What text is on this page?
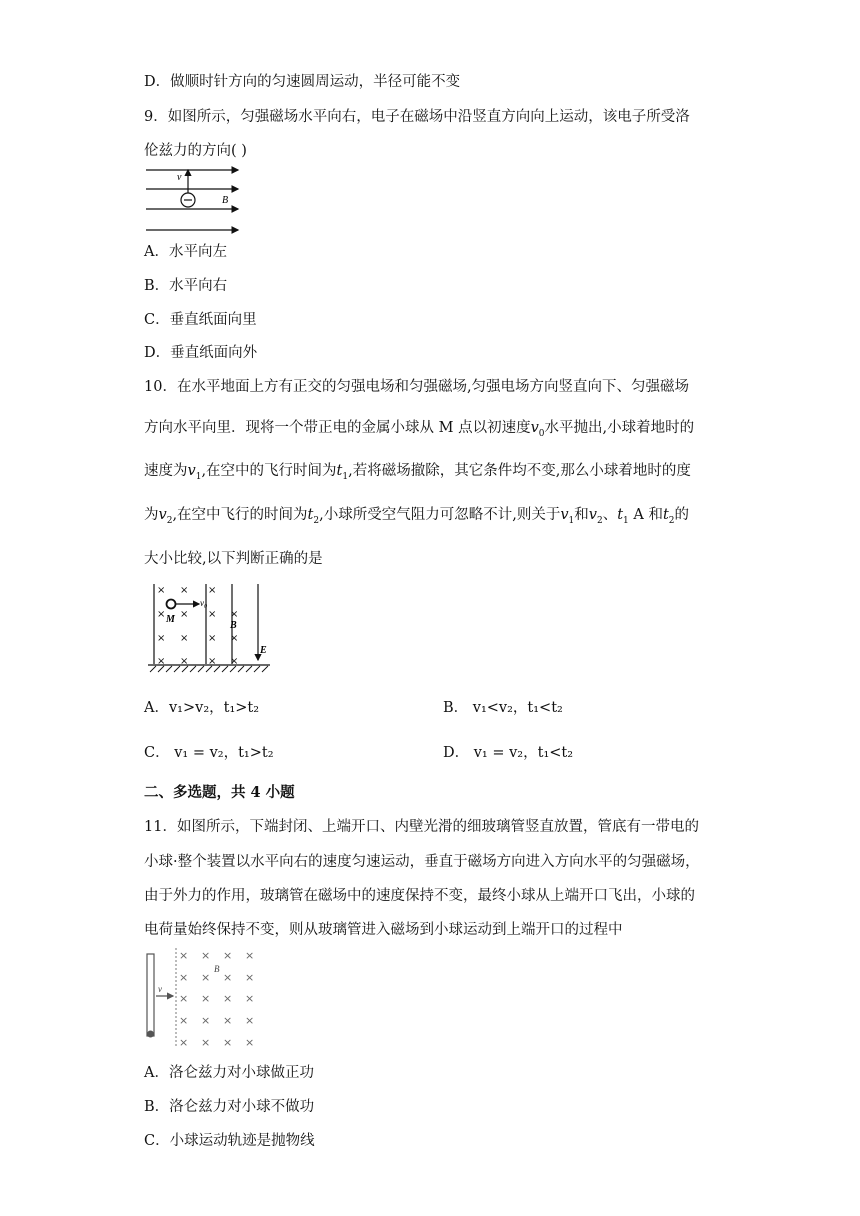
D．做顺时针方向的匀速圆周运动，半径可能不变
9．如图所示，匀强磁场水平向右，电子在磁场中沿竖直方向向上运动，该电子所受洛
伦兹力的方向( )
v
B
A．水平向左
B．水平向右
C．垂直纸面向里
D．垂直纸面向外
10．在水平地面上方有正交的匀强电场和匀强磁场,匀强电场方向竖直向下、匀强磁场
方向水平向里．现将一个带正电的金属小球从 M 点以初速度$v_0$水平抛出,小球着地时的
速度为$v_1$,在空中的飞行时间为$t_1$,若将磁场撤除，其它条件均不变,那么小球着地时的度
为$v_2$,在空中飞行的时间为$t_2$,小球所受空气阻力可忽略不计,则关于$v_1$和$v_2$、$t_1$ A 和$t_2$的
大小比较,以下判断正确的是
× × ×
× × × ×
× × × ×
× × × ×
$v_0$
M
B
E
A．v₁>v₂，t₁>t₂	B． v₁<v₂，t₁<t₂
C． v₁ = v₂，t₁>t₂	D． v₁ = v₂，t₁<t₂
二、多选题，共 4 小题
11．如图所示，下端封闭、上端开口、内壁光滑的细玻璃管竖直放置，管底有一带电的
小球·整个装置以水平向右的速度匀速运动，垂直于磁场方向进入方向水平的匀强磁场，
由于外力的作用，玻璃管在磁场中的速度保持不变，最终小球从上端开口飞出，小球的
电荷量始终保持不变，则从玻璃管进入磁场到小球运动到上端开口的过程中
v
B
× × × ×
× × × ×
× × × ×
× × × ×
× × × ×
A．洛仑兹力对小球做正功
B．洛仑兹力对小球不做功
C．小球运动轨迹是抛物线
